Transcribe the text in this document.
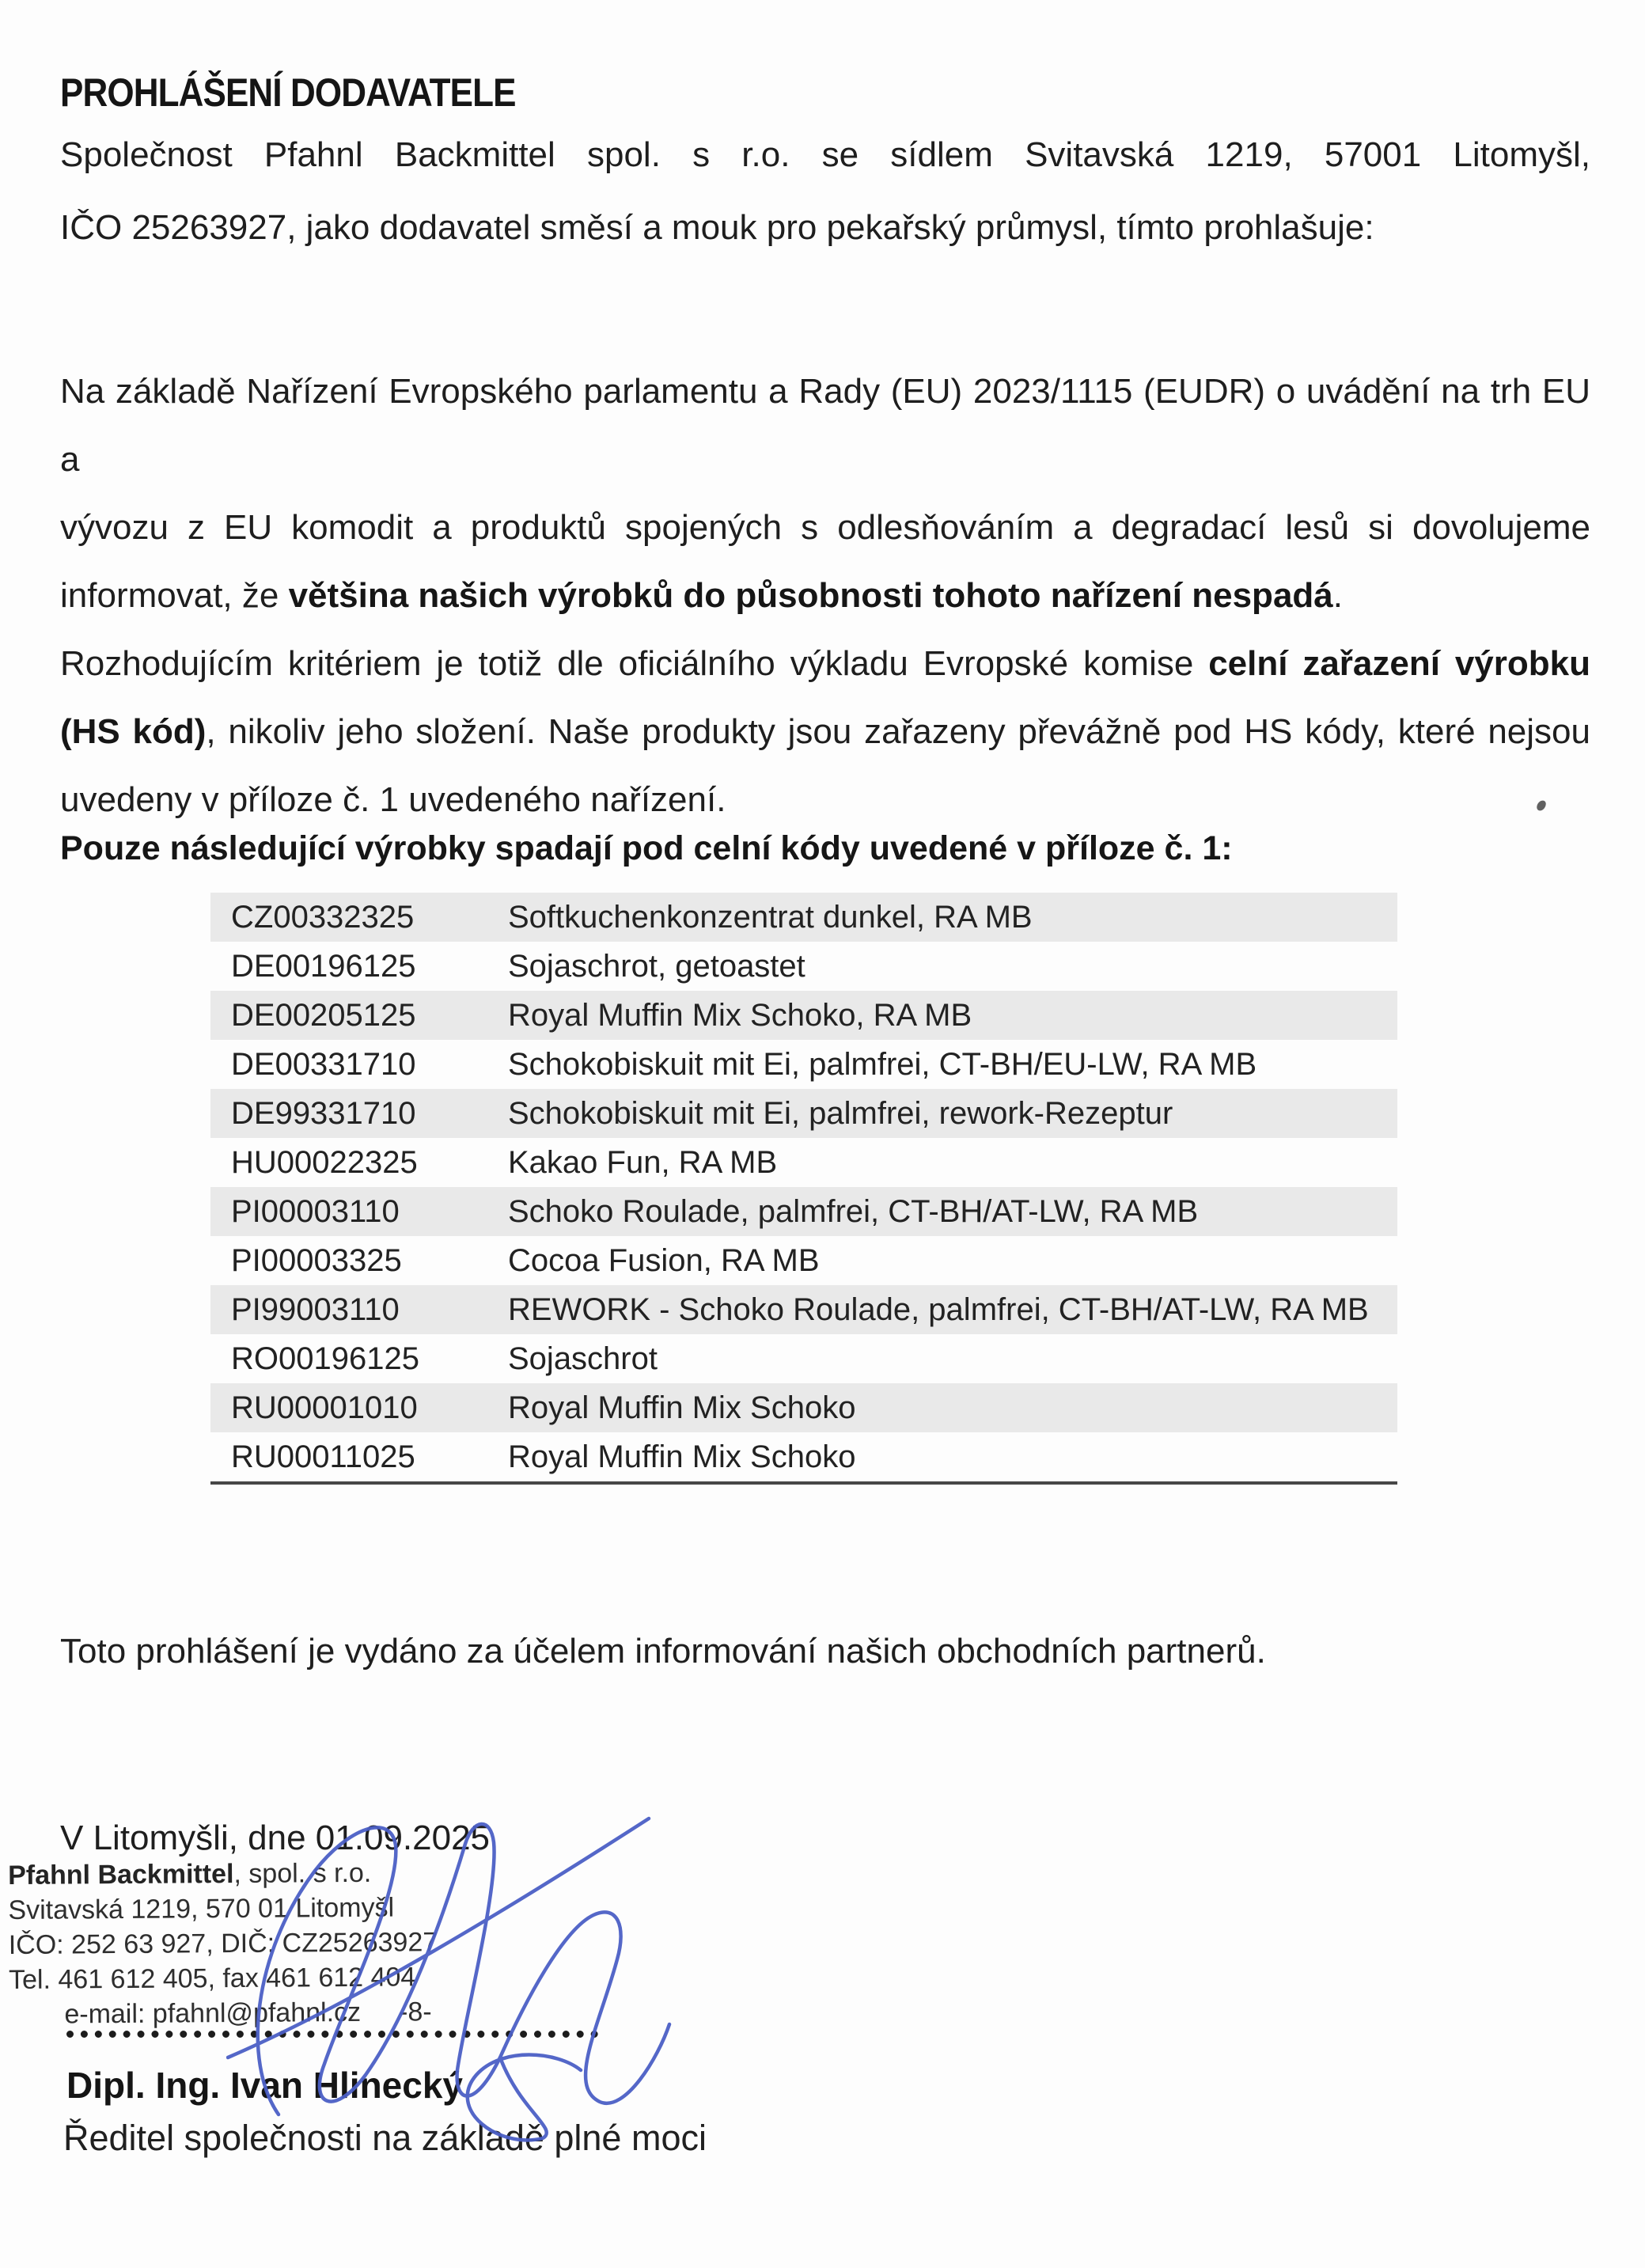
PROHLÁŠENÍ DODAVATELE
Společnost Pfahnl Backmittel spol. s r.o. se sídlem Svitavská 1219, 57001 Litomyšl,
IČO 25263927, jako dodavatel směsí a mouk pro pekařský průmysl, tímto prohlašuje:
Na základě Nařízení Evropského parlamentu a Rady (EU) 2023/1115 (EUDR) o uvádění na trh EU a
vývozu z EU komodit a produktů spojených s odlesňováním a degradací lesů si dovolujeme
informovat, že většina našich výrobků do působnosti tohoto nařízení nespadá.
Rozhodujícím kritériem je totiž dle oficiálního výkladu Evropské komise celní zařazení výrobku
(HS kód), nikoliv jeho složení. Naše produkty jsou zařazeny převážně pod HS kódy, které nejsou
uvedeny v příloze č. 1 uvedeného nařízení.
Pouze následující výrobky spadají pod celní kódy uvedené v příloze č. 1:
CZ00332325	Softkuchenkonzentrat dunkel, RA MB
DE00196125	Sojaschrot, getoastet
DE00205125	Royal Muffin Mix Schoko, RA MB
DE00331710	Schokobiskuit mit Ei, palmfrei, CT-BH/EU-LW, RA MB
DE99331710	Schokobiskuit mit Ei, palmfrei, rework-Rezeptur
HU00022325	Kakao Fun, RA MB
PI00003110	Schoko Roulade, palmfrei, CT-BH/AT-LW, RA MB
PI00003325	Cocoa Fusion, RA MB
PI99003110	REWORK - Schoko Roulade, palmfrei, CT-BH/AT-LW, RA MB
RO00196125	Sojaschrot
RU00001010	Royal Muffin Mix Schoko
RU00011025	Royal Muffin Mix Schoko

Toto prohlášení je vydáno za účelem informování našich obchodních partnerů.

V Litomyšli, dne 01.09.2025

Pfahnl Backmittel, spol. s r.o.
Svitavská 1219, 570 01 Litomyšl
IČO: 252 63 927, DIČ: CZ25263927
Tel. 461 612 405, fax 461 612 404
e-mail: pfahnl@pfahnl.cz -8-
Dipl. Ing. Ivan Hlinecký
Ředitel společnosti na základě plné moci
